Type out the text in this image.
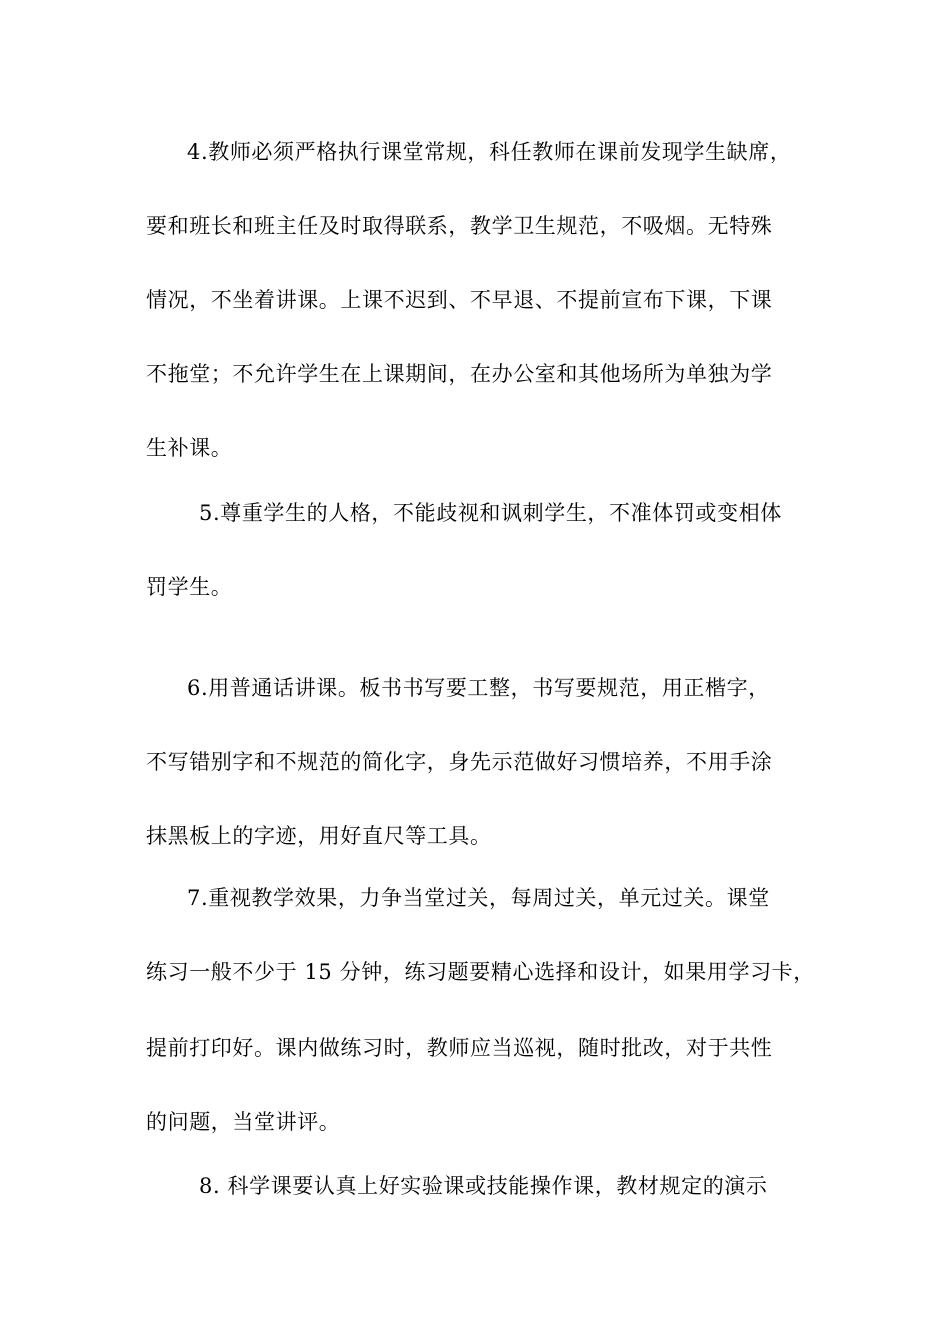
4.教师必须严格执行课堂常规，科任教师在课前发现学生缺席，
要和班长和班主任及时取得联系，教学卫生规范，不吸烟。无特殊
情况，不坐着讲课。上课不迟到、不早退、不提前宣布下课，下课
不拖堂；不允许学生在上课期间，在办公室和其他场所为单独为学
生补课。
5.尊重学生的人格，不能歧视和讽刺学生，不准体罚或变相体
罚学生。
6.用普通话讲课。板书书写要工整，书写要规范，用正楷字，
不写错别字和不规范的简化字，身先示范做好习惯培养，不用手涂
抹黑板上的字迹，用好直尺等工具。
7.重视教学效果，力争当堂过关，每周过关，单元过关。课堂
练习一般不少于 15 分钟，练习题要精心选择和设计，如果用学习卡，
提前打印好。课内做练习时，教师应当巡视，随时批改，对于共性
的问题，当堂讲评。
8. 科学课要认真上好实验课或技能操作课，教材规定的演示
